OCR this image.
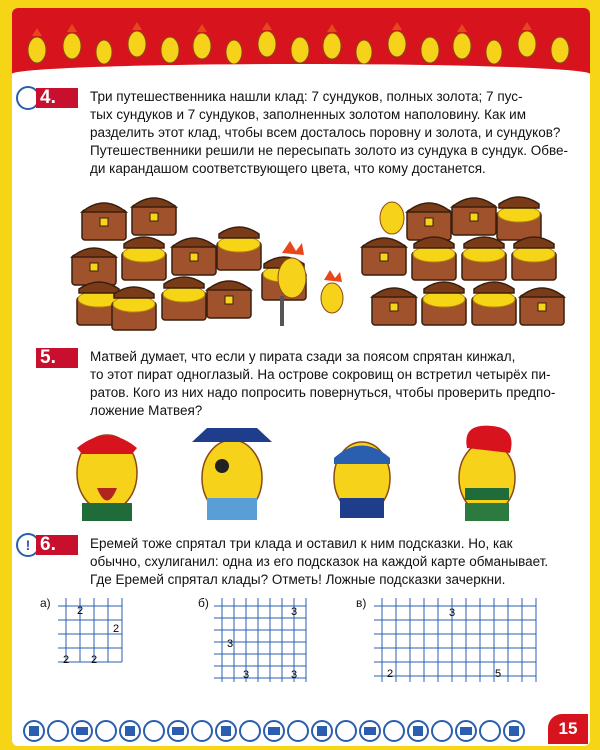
4.	Три путешественника нашли клад: 7 сундуков, полных золота; 7 пус-
тых сундуков и 7 сундуков, заполненных золотом наполовину. Как им
разделить этот клад, чтобы всем досталось поровну и золота, и сундуков?
Путешественники решили не пересыпать золото из сундука в сундук. Обве-
ди карандашом соответствующего цвета, что кому достанется.
5.	Матвей думает, что если у пирата сзади за поясом спрятан кинжал,
то этот пират одноглазый. На острове сокровищ он встретил четырёх пи-
ратов. Кого из них надо попросить повернуться, чтобы проверить предпо-
ложение Матвея?
! 6.	Еремей тоже спрятал три клада и оставил к ним подсказки. Но, как
обычно, схулиганил: одна из его подсказок на каждой карте обманывает.
Где Еремей спрятал клады? Отметь! Ложные подсказки зачеркни.
а)
2
2
2 2
б)
3
3
3	3
в)
3
2	5
15
